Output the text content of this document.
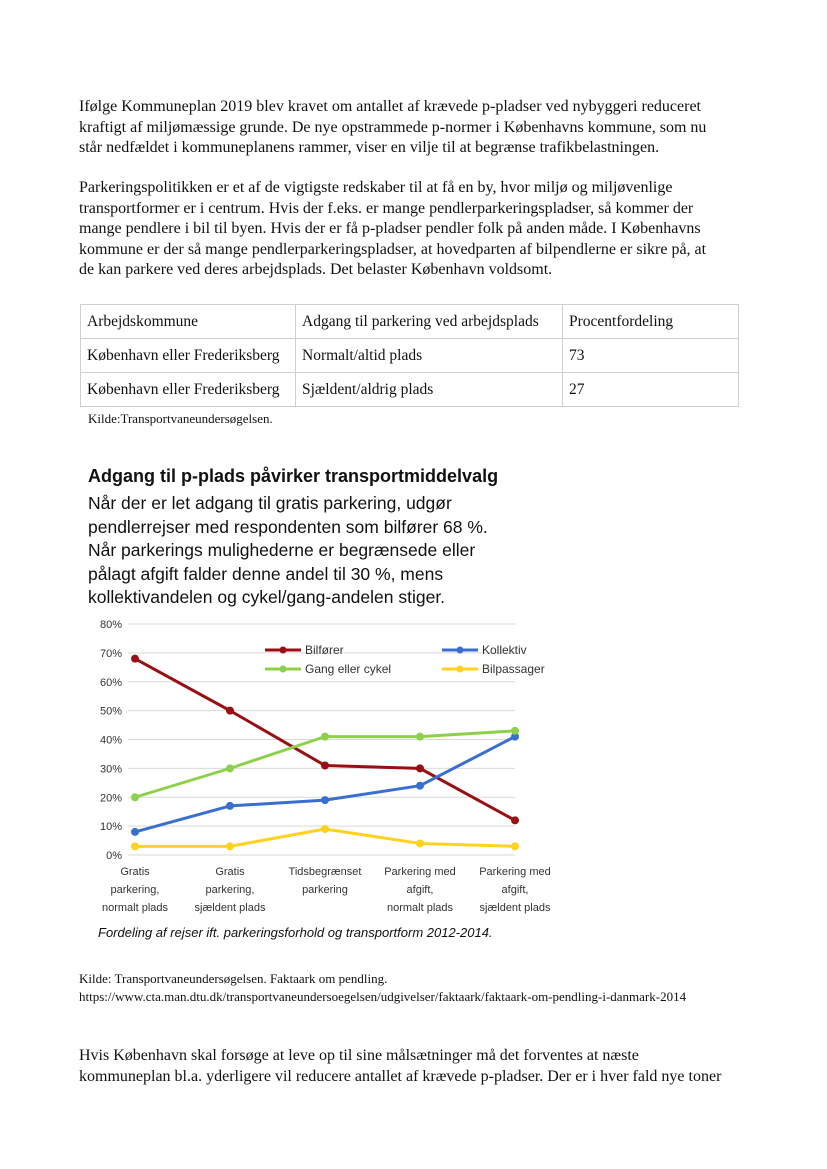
Ifølge Kommuneplan 2019 blev kravet om antallet af krævede p-pladser ved nybyggeri reduceret
kraftigt af miljømæssige grunde. De nye opstrammede p-normer i Københavns kommune, som nu
står nedfældet i kommuneplanens rammer, viser en vilje til at begrænse trafikbelastningen.
Parkeringspolitikken er et af de vigtigste redskaber til at få en by, hvor miljø og miljøvenlige
transportformer er i centrum. Hvis der f.eks. er mange pendlerparkeringspladser, så kommer der
mange pendlere i bil til byen. Hvis der er få p-pladser pendler folk på anden måde. I Københavns
kommune er der så mange pendlerparkeringspladser, at hovedparten af bilpendlerne er sikre på, at
de kan parkere ved deres arbejdsplads. Det belaster København voldsomt.
Arbejdskommune	Adgang til parkering ved arbejdsplads	Procentfordeling
København eller Frederiksberg	Normalt/altid plads	73
København eller Frederiksberg	Sjældent/aldrig plads	27
Kilde:Transportvaneundersøgelsen.
Adgang til p-plads påvirker transportmiddelvalg
Når der er let adgang til gratis parkering, udgør
pendlerrejser med respondenten som bilfører 68 %.
Når parkerings mulighederne er begrænsede eller
pålagt afgift falder denne andel til 30 %, mens
kollektivandelen og cykel/gang-andelen stiger.
0%
10%
20%
30%
40%
50%
60%
70%
80%
Gratis
parkering,
normalt plads
Gratis
parkering,
sjældent plads
Tidsbegrænset
parkering
Parkering med
afgift,
normalt plads
Parkering med
afgift,
sjældent plads
Bilfører	Kollektiv
Gang eller cykel	Bilpassager
Fordeling af rejser ift. parkeringsforhold og transportform 2012-2014.
Kilde: Transportvaneundersøgelsen. Faktaark om pendling.
https://www.cta.man.dtu.dk/transportvaneundersoegelsen/udgivelser/faktaark/faktaark-om-pendling-i-danmark-2014
Hvis København skal forsøge at leve op til sine målsætninger må det forventes at næste
kommuneplan bl.a. yderligere vil reducere antallet af krævede p-pladser. Der er i hver fald nye toner
